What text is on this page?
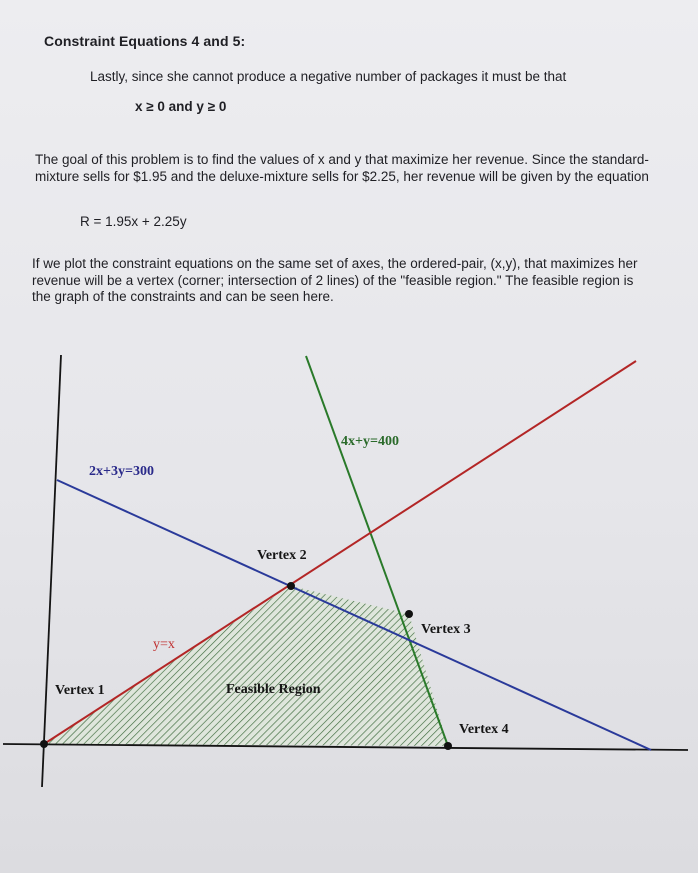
Constraint Equations 4 and 5:
Lastly, since she cannot produce a negative number of packages it must be that
x ≥ 0 and y ≥ 0
The goal of this problem is to find the values of x and y that maximize her revenue. Since the standard-mixture sells for $1.95 and the deluxe-mixture sells for $2.25, her revenue will be given by the equation
R = 1.95x + 2.25y
If we plot the constraint equations on the same set of axes, the ordered-pair, (x,y), that maximizes her revenue will be a vertex (corner; intersection of 2 lines) of the "feasible region." The feasible region is the graph of the constraints and can be seen here.
4x+y=400
2x+3y=300
y=x
Vertex 1
Vertex 2
Vertex 3
Vertex 4
Feasible Region
